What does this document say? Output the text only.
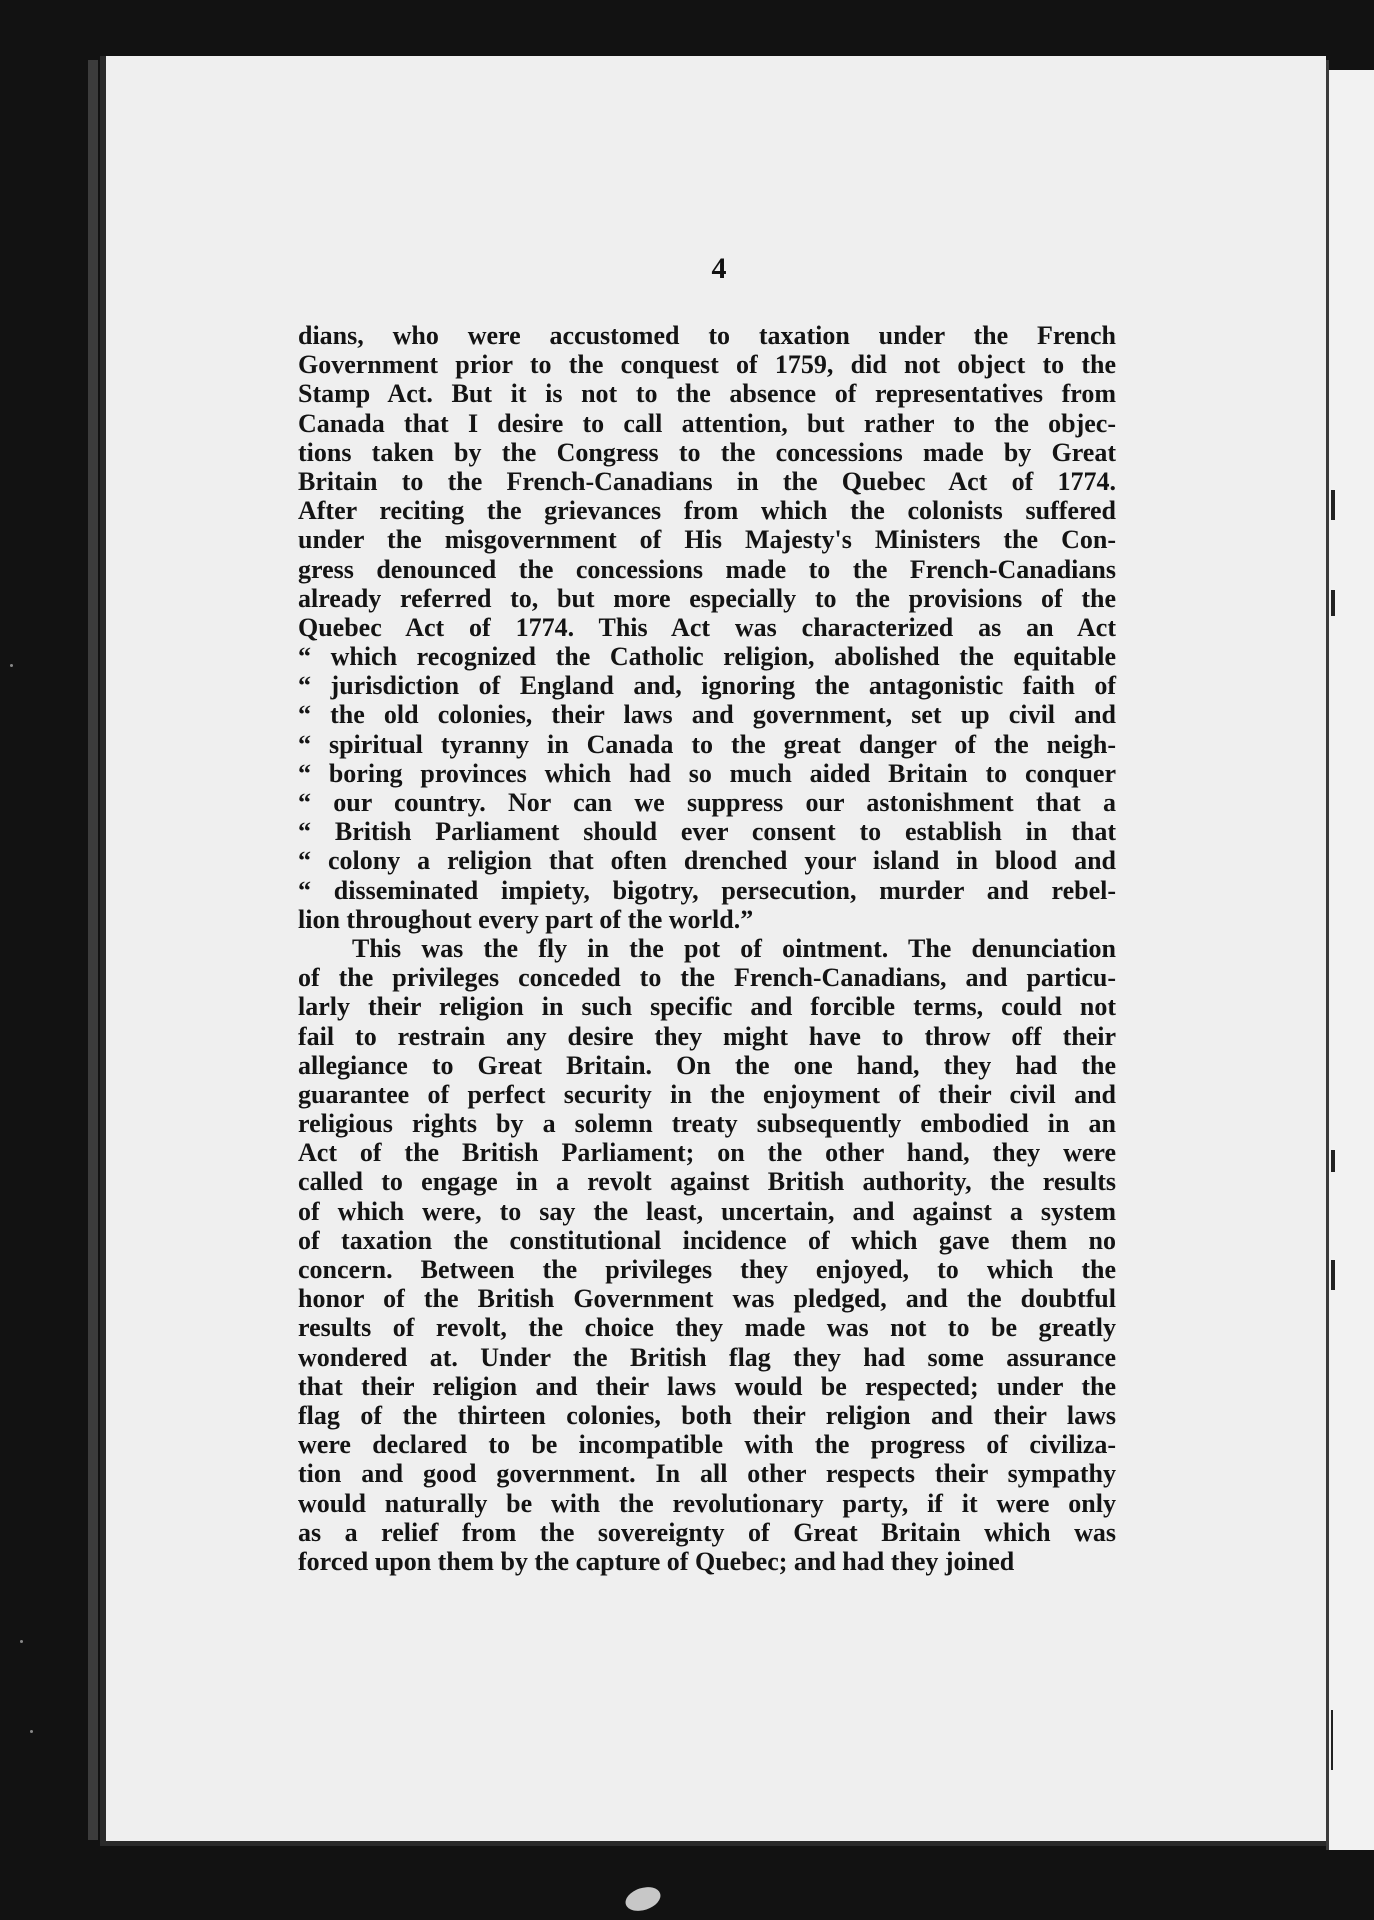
4
dians, who were accustomed to taxation under the French
Government prior to the conquest of 1759, did not object to the
Stamp Act. But it is not to the absence of representatives from
Canada that I desire to call attention, but rather to the objec-
tions taken by the Congress to the concessions made by Great
Britain to the French-Canadians in the Quebec Act of 1774.
After reciting the grievances from which the colonists suffered
under the misgovernment of His Majesty's Ministers the Con-
gress denounced the concessions made to the French-Canadians
already referred to, but more especially to the provisions of the
Quebec Act of 1774. This Act was characterized as an Act
“ which recognized the Catholic religion, abolished the equitable
“ jurisdiction of England and, ignoring the antagonistic faith of
“ the old colonies, their laws and government, set up civil and
“ spiritual tyranny in Canada to the great danger of the neigh-
“ boring provinces which had so much aided Britain to conquer
“ our country. Nor can we suppress our astonishment that a
“ British Parliament should ever consent to establish in that
“ colony a religion that often drenched your island in blood and
“ disseminated impiety, bigotry, persecution, murder and rebel-
lion throughout every part of the world.”
This was the fly in the pot of ointment. The denunciation
of the privileges conceded to the French-Canadians, and particu-
larly their religion in such specific and forcible terms, could not
fail to restrain any desire they might have to throw off their
allegiance to Great Britain. On the one hand, they had the
guarantee of perfect security in the enjoyment of their civil and
religious rights by a solemn treaty subsequently embodied in an
Act of the British Parliament; on the other hand, they were
called to engage in a revolt against British authority, the results
of which were, to say the least, uncertain, and against a system
of taxation the constitutional incidence of which gave them no
concern. Between the privileges they enjoyed, to which the
honor of the British Government was pledged, and the doubtful
results of revolt, the choice they made was not to be greatly
wondered at. Under the British flag they had some assurance
that their religion and their laws would be respected; under the
flag of the thirteen colonies, both their religion and their laws
were declared to be incompatible with the progress of civiliza-
tion and good government. In all other respects their sympathy
would naturally be with the revolutionary party, if it were only
as a relief from the sovereignty of Great Britain which was
forced upon them by the capture of Quebec; and had they joined
